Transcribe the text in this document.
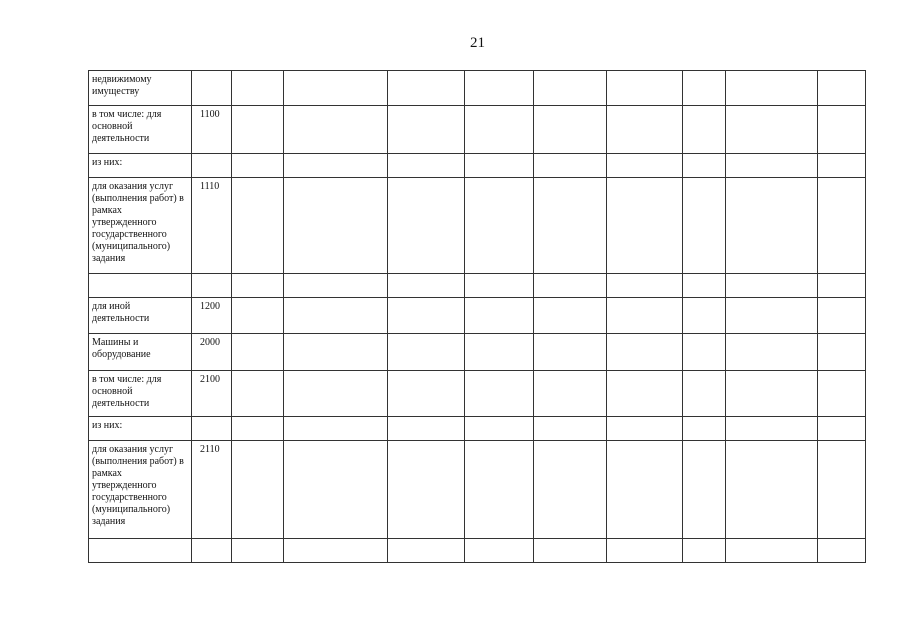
21
недвижимому имуществу											
в том числе: для основной деятельности	1100										
из них:											
для оказания услуг (выполнения работ) в рамках утвержденного государственного (муниципального) задания	1110										

для иной деятельности	1200										
Машины и оборудование	2000										
в том числе: для основной деятельности	2100										
из них:											
для оказания услуг (выполнения работ) в рамках утвержденного государственного (муниципального) задания	2110										
